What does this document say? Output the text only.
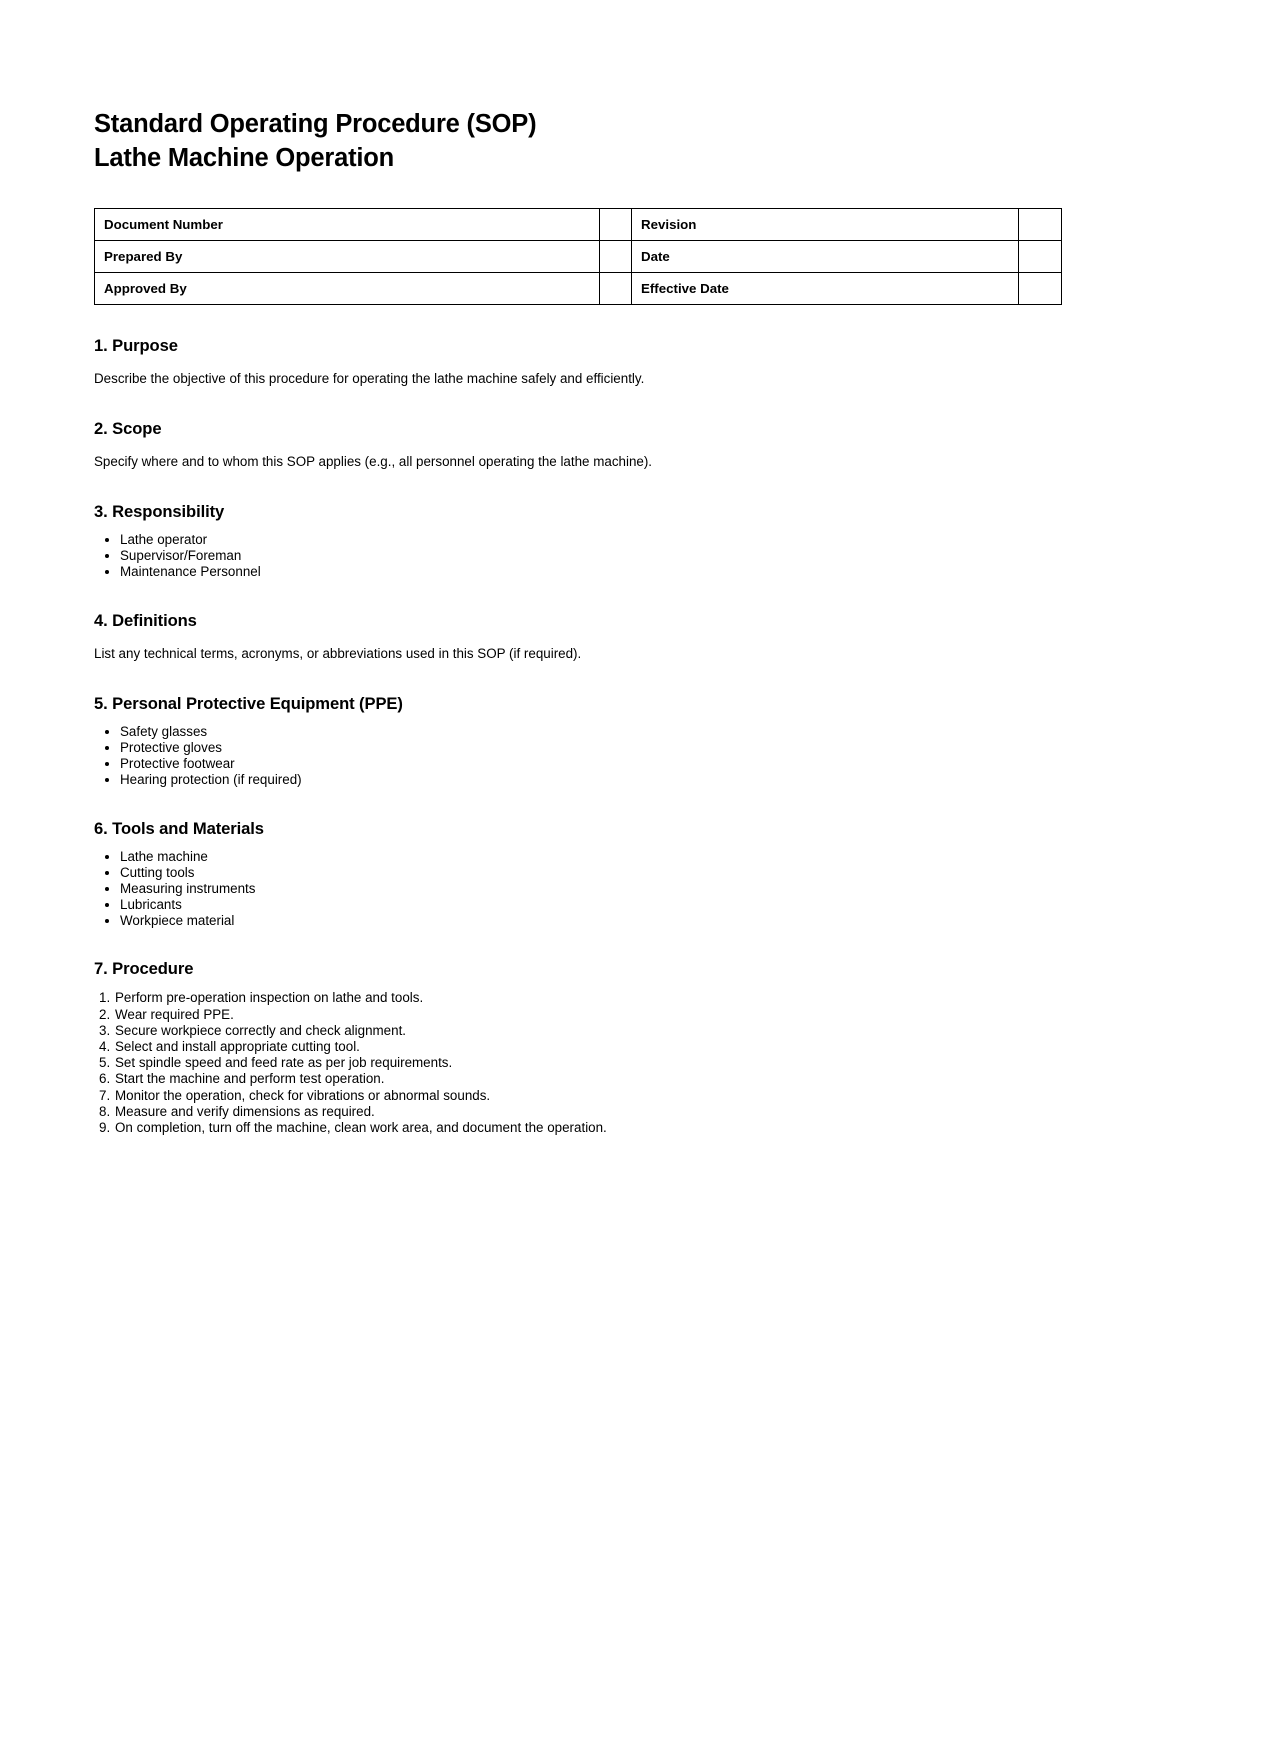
Standard Operating Procedure (SOP)
Lathe Machine Operation
Document Number		Revision	
Prepared By		Date	
Approved By		Effective Date	
1. Purpose

Describe the objective of this procedure for operating the lathe machine safely and efficiently.

2. Scope

Specify where and to whom this SOP applies (e.g., all personnel operating the lathe machine).

3. Responsibility
• Lathe operator
• Supervisor/Foreman
• Maintenance Personnel
4. Definitions

List any technical terms, acronyms, or abbreviations used in this SOP (if required).

5. Personal Protective Equipment (PPE)
• Safety glasses
• Protective gloves
• Protective footwear
• Hearing protection (if required)
6. Tools and Materials
• Lathe machine
• Cutting tools
• Measuring instruments
• Lubricants
• Workpiece material
7. Procedure
Perform pre-operation inspection on lathe and tools.
Wear required PPE.
Secure workpiece correctly and check alignment.
Select and install appropriate cutting tool.
Set spindle speed and feed rate as per job requirements.
Start the machine and perform test operation.
Monitor the operation, check for vibrations or abnormal sounds.
Measure and verify dimensions as required.
On completion, turn off the machine, clean work area, and document the operation.
